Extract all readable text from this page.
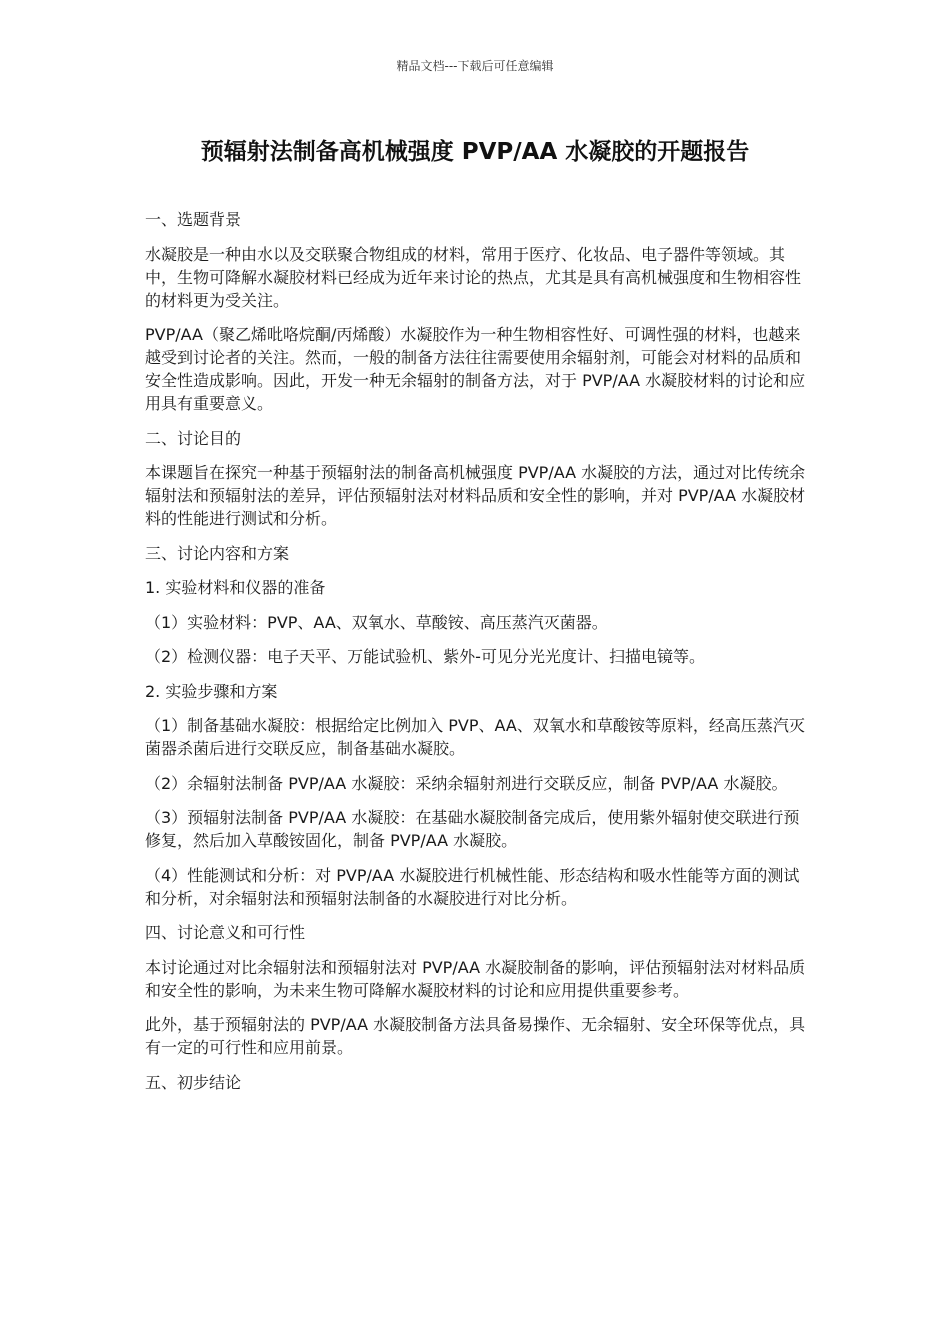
精品文档---下载后可任意编辑
预辐射法制备高机械强度 PVP/AA 水凝胶的开题报告

一、选题背景

水凝胶是一种由水以及交联聚合物组成的材料，常用于医疗、化妆品、电子器件等领域。其中，生物可降解水凝胶材料已经成为近年来讨论的热点，尤其是具有高机械强度和生物相容性的材料更为受关注。

PVP/AA（聚乙烯吡咯烷酮/丙烯酸）水凝胶作为一种生物相容性好、可调性强的材料，也越来越受到讨论者的关注。然而，一般的制备方法往往需要使用余辐射剂，可能会对材料的品质和安全性造成影响。因此，开发一种无余辐射的制备方法，对于 PVP/AA 水凝胶材料的讨论和应用具有重要意义。

二、讨论目的

本课题旨在探究一种基于预辐射法的制备高机械强度 PVP/AA 水凝胶的方法，通过对比传统余辐射法和预辐射法的差异，评估预辐射法对材料品质和安全性的影响，并对 PVP/AA 水凝胶材料的性能进行测试和分析。

三、讨论内容和方案

1. 实验材料和仪器的准备

（1）实验材料：PVP、AA、双氧水、草酸铵、高压蒸汽灭菌器。

（2）检测仪器：电子天平、万能试验机、紫外-可见分光光度计、扫描电镜等。

2. 实验步骤和方案

（1）制备基础水凝胶：根据给定比例加入 PVP、AA、双氧水和草酸铵等原料，经高压蒸汽灭菌器杀菌后进行交联反应，制备基础水凝胶。

（2）余辐射法制备 PVP/AA 水凝胶：采纳余辐射剂进行交联反应，制备 PVP/AA 水凝胶。

（3）预辐射法制备 PVP/AA 水凝胶：在基础水凝胶制备完成后，使用紫外辐射使交联进行预修复，然后加入草酸铵固化，制备 PVP/AA 水凝胶。

（4）性能测试和分析：对 PVP/AA 水凝胶进行机械性能、形态结构和吸水性能等方面的测试和分析，对余辐射法和预辐射法制备的水凝胶进行对比分析。

四、讨论意义和可行性

本讨论通过对比余辐射法和预辐射法对 PVP/AA 水凝胶制备的影响，评估预辐射法对材料品质和安全性的影响，为未来生物可降解水凝胶材料的讨论和应用提供重要参考。

此外，基于预辐射法的 PVP/AA 水凝胶制备方法具备易操作、无余辐射、安全环保等优点，具有一定的可行性和应用前景。

五、初步结论
